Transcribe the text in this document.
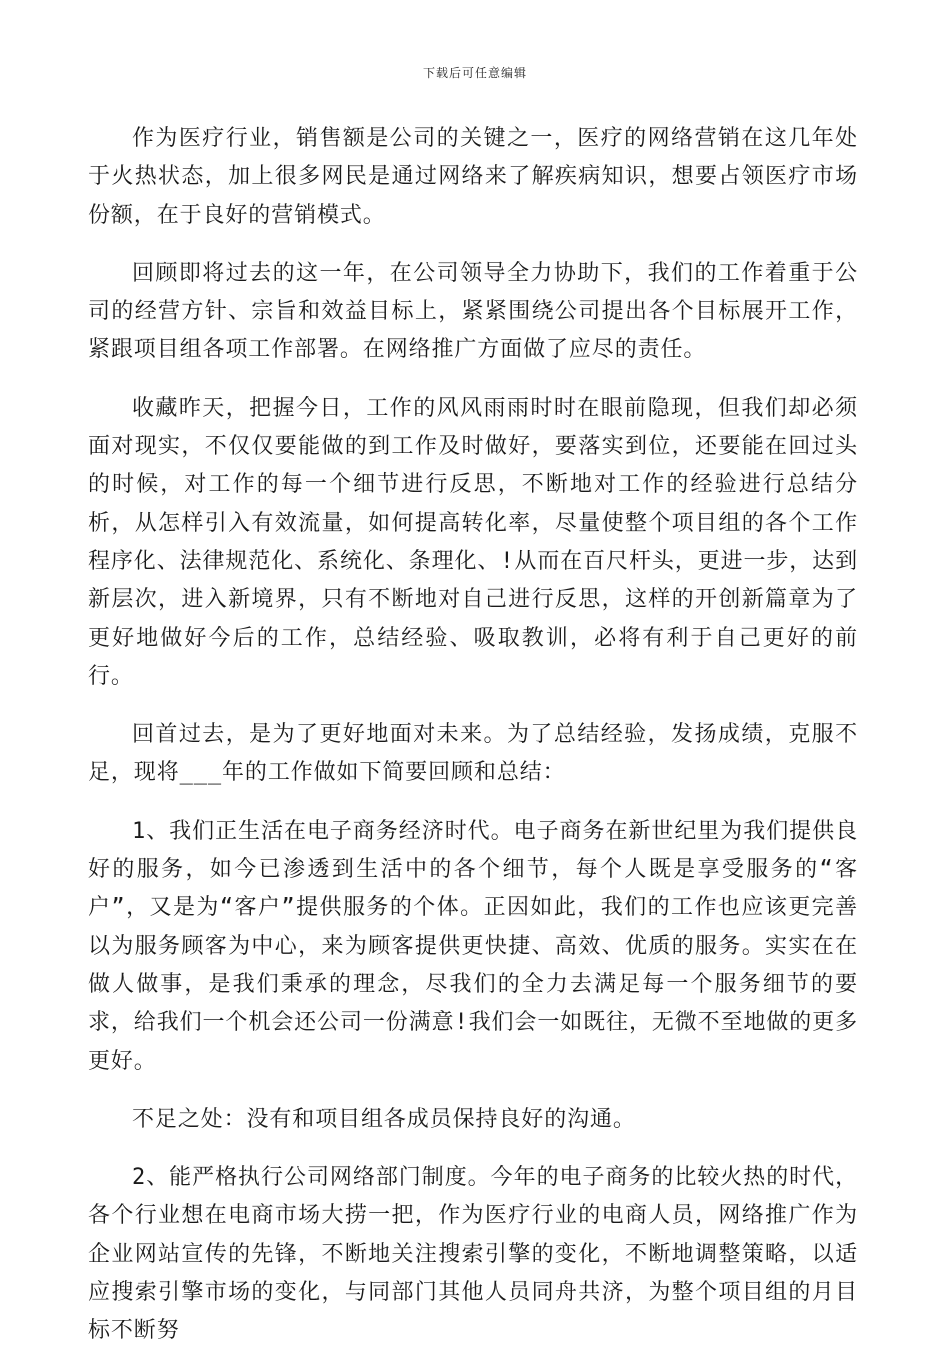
下载后可任意编辑

作为医疗行业，销售额是公司的关键之一，医疗的网络营销在这几年处于火热状态，加上很多网民是通过网络来了解疾病知识，想要占领医疗市场份额，在于良好的营销模式。

回顾即将过去的这一年，在公司领导全力协助下，我们的工作着重于公司的经营方针、宗旨和效益目标上，紧紧围绕公司提出各个目标展开工作，紧跟项目组各项工作部署。在网络推广方面做了应尽的责任。

收藏昨天，把握今日，工作的风风雨雨时时在眼前隐现，但我们却必须面对现实，不仅仅要能做的到工作及时做好，要落实到位，还要能在回过头的时候，对工作的每一个细节进行反思，不断地对工作的经验进行总结分析，从怎样引入有效流量，如何提高转化率，尽量使整个项目组的各个工作程序化、法律规范化、系统化、条理化、!从而在百尺杆头，更进一步，达到新层次，进入新境界，只有不断地对自己进行反思，这样的开创新篇章为了更好地做好今后的工作，总结经验、吸取教训，必将有利于自己更好的前行。

回首过去，是为了更好地面对未来。为了总结经验，发扬成绩，克服不足，现将___年的工作做如下简要回顾和总结：

1、我们正生活在电子商务经济时代。电子商务在新世纪里为我们提供良好的服务，如今已渗透到生活中的各个细节，每个人既是享受服务的“客户”，又是为“客户”提供服务的个体。正因如此，我们的工作也应该更完善以为服务顾客为中心，来为顾客提供更快捷、高效、优质的服务。实实在在做人做事，是我们秉承的理念，尽我们的全力去满足每一个服务细节的要求，给我们一个机会还公司一份满意!我们会一如既往，无微不至地做的更多更好。

不足之处：没有和项目组各成员保持良好的沟通。

2、能严格执行公司网络部门制度。今年的电子商务的比较火热的时代，各个行业想在电商市场大捞一把，作为医疗行业的电商人员，网络推广作为企业网站宣传的先锋，不断地关注搜索引擎的变化，不断地调整策略，以适应搜索引擎市场的变化，与同部门其他人员同舟共济，为整个项目组的月目标不断努
